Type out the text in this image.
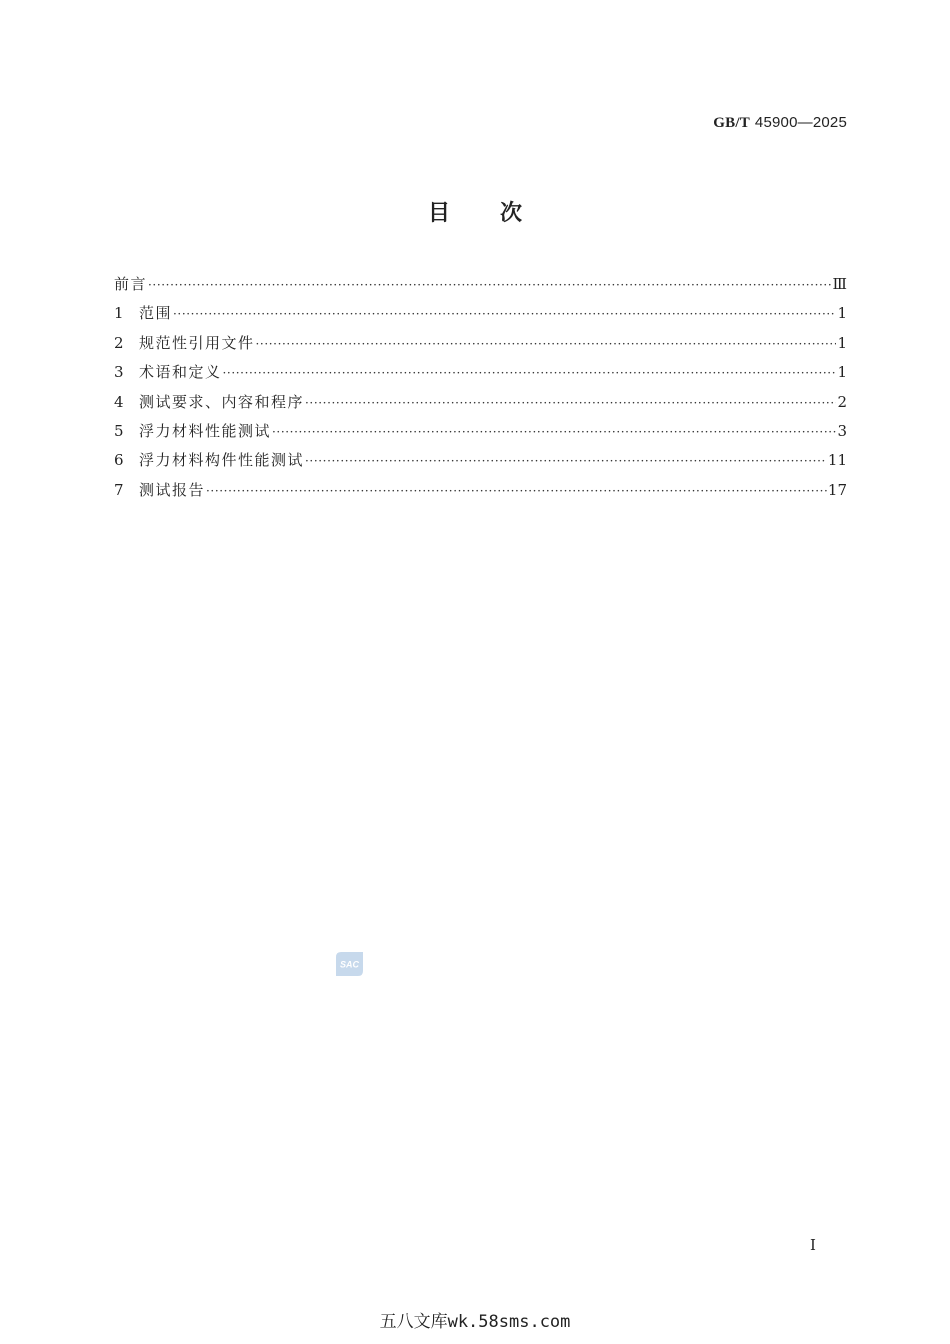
GB/T 45900—2025
目次
前言 ·····	Ⅲ
1	范围 ·····	1
2	规范性引用文件 ·····	1
3	术语和定义 ·····	1
4	测试要求、内容和程序 ·····	2
5	浮力材料性能测试 ·····	3
6	浮力材料构件性能测试 ·····	11
7	测试报告 ·····	17
SAC
I
五八文库wk.58sms.com
